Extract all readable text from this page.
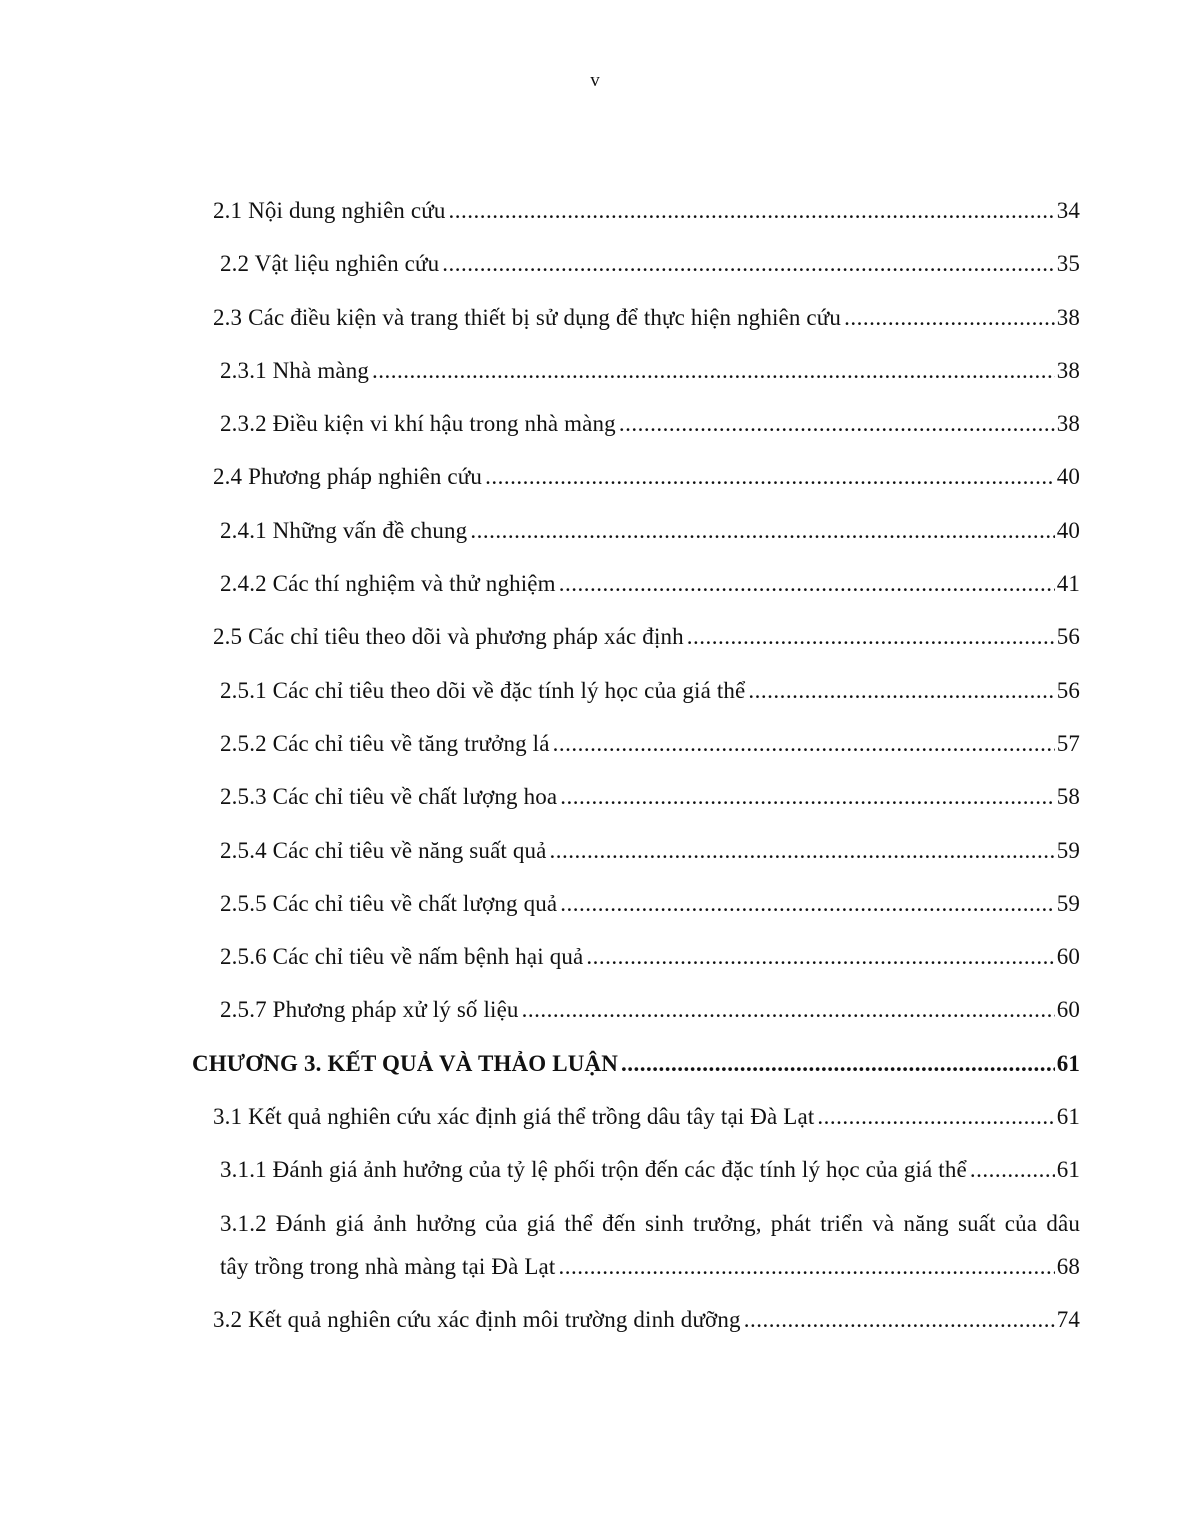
v
2.1 Nội dung nghiên cứu .....	34
2.2 Vật liệu nghiên cứu .....	35
2.3 Các điều kiện và trang thiết bị sử dụng để thực hiện nghiên cứu .....	38
2.3.1 Nhà màng .....	38
2.3.2 Điều kiện vi khí hậu trong nhà màng .....	38
2.4 Phương pháp nghiên cứu .....	40
2.4.1 Những vấn đề chung .....	40
2.4.2 Các thí nghiệm và thử nghiệm .....	41
2.5 Các chỉ tiêu theo dõi và phương pháp xác định .....	56
2.5.1 Các chỉ tiêu theo dõi về đặc tính lý học của giá thể .....	56
2.5.2 Các chỉ tiêu về tăng trưởng lá .....	57
2.5.3 Các chỉ tiêu về chất lượng hoa .....	58
2.5.4 Các chỉ tiêu về năng suất quả .....	59
2.5.5 Các chỉ tiêu về chất lượng quả .....	59
2.5.6 Các chỉ tiêu về nấm bệnh hại quả .....	60
2.5.7 Phương pháp xử lý số liệu .....	60
CHƯƠNG 3. KẾT QUẢ VÀ THẢO LUẬN .....	61
3.1 Kết quả nghiên cứu xác định giá thể trồng dâu tây tại Đà Lạt .....	61
3.1.1 Đánh giá ảnh hưởng của tỷ lệ phối trộn đến các đặc tính lý học của giá thể .....	61
3.1.2 Đánh giá ảnh hưởng của giá thể đến sinh trưởng, phát triển và năng suất của dâu
tây trồng trong nhà màng tại Đà Lạt .....	68
3.2 Kết quả nghiên cứu xác định môi trường dinh dưỡng .....	74
